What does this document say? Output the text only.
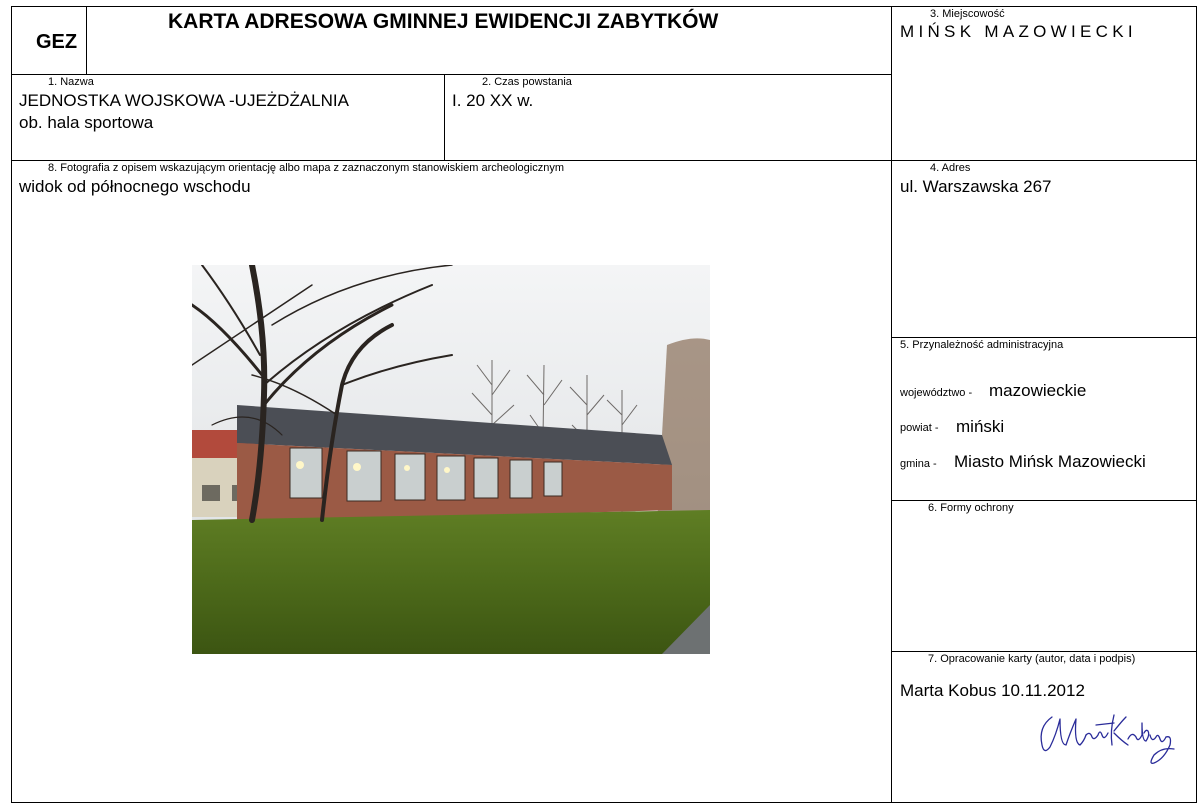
GEZ
KARTA ADRESOWA GMINNEJ EWIDENCJI ZABYTKÓW	3. Miejscowość
MIŃSK MAZOWIECKI
1. Nazwa
JEDNOSTKA WOJSKOWA -UJEŻDŻALNIA
ob. hala sportowa
2. Czas powstania
I. 20 XX w.
8. Fotografia z opisem wskazującym orientację albo mapa z zaznaczonym stanowiskiem archeologicznym
widok od północnego wschodu
4. Adres
ul. Warszawska 267
5. Przynależność administracyjna
województwo - mazowieckie
powiat - miński
gmina - Miasto Mińsk Mazowiecki
6. Formy ochrony
7. Opracowanie karty (autor, data i podpis)
Marta Kobus 10.11.2012
